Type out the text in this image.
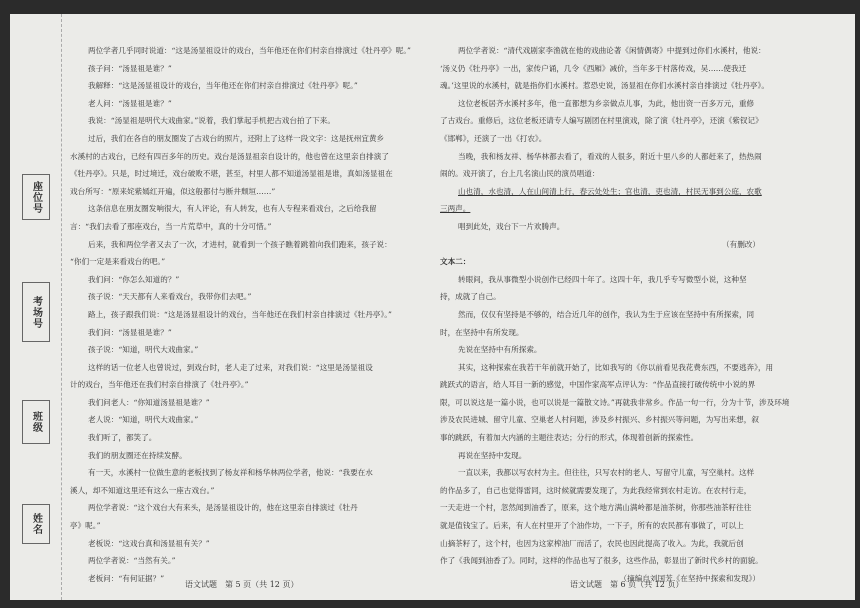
座位号
考场号
班级
姓名

两位学者几乎同时说道：“这是汤显祖设计的戏台，当年他还在你们村亲自排演过《牡丹亭》呢。”

孩子问：“汤显祖是谁？”

我解释：“这是汤显祖设计的戏台，当年他还在你们村亲自排演过《牡丹亭》呢。”

老人问：“汤显祖是谁？”

我说：“汤显祖是明代大戏曲家。”说着，我们掌起手机把古戏台拍了下来。

过后，我们在各自的朋友圈发了古戏台的照片，还附上了这样一段文字：这是抚州宜黄乡

水溪村的古戏台，已经有四百多年的历史。戏台是汤显祖亲自设计的，他也曾在这里亲自排演了

《牡丹亭》。只是，时过境迁，戏台破败不堪，甚至，村里人都不知道汤显祖是谁，真如汤显祖在

戏台所写：“原来姹紫嫣红开遍，似这般都付与断井颓垣……”

这条信息在朋友圈发响很大，有人评论，有人转发，也有人专程来看戏台，之后给我留

言：“我们去看了那座戏台，当一片荒草中，真的十分可惜。”

后来，我和两位学者又去了一次，才进村，就看到一个孩子瞧着跳着向我们跑来，孩子说：

“你们一定是来看戏台的吧。”

我们问：“你怎么知道的？”

孩子说：“天天都有人来看戏台，我带你们去吧。”

路上，孩子跟我们说：“这是汤显祖设计的戏台，当年他还在我们村亲自排演过《牡丹亭》。”

我们问：“汤显祖是谁？”

孩子说：“知道，明代大戏曲家。”

这样的话一位老人也曾说过，到戏台时，老人走了过来，对我们说：“这里是汤显祖设

计的戏台，当年他还在我们村亲自排演了《牡丹亭》。”

我们问老人：“你知道汤显祖是谁？”

老人说：“知道，明代大戏曲家。”

我们听了，都笑了。

我们的朋友圈还在持续发酵。

有一天，水溪村一位做生意的老板找到了杨友祥和杨华林两位学者，他说：“我要在水

溪人，却不知道这里还有这么一座古戏台。”

两位学者说：“这个戏台大有来头，是汤显祖设计的，他在这里亲自排演过《牡丹

亭》呢。”

老板说：“这戏台真和汤显祖有关？”

两位学者说：“当然有关。”

老板问：“有何证据？”

两位学者说：“清代戏剧家李渔就在他的戏曲论著《闲情偶寄》中提到过你们水溪村，他说：

‘汤义仍《牡丹亭》一出，家传户诵，几令《西厢》减价，当年多于村落传戏，吴……使我迁

魂。’这里说的水溪村，就是指你们水溪村。惹恐史说，汤显祖在你们水溪村亲自排演过《牡丹亭》。

这位老板居齐水溪村多年，他一直都想为乡亲做点儿事，为此，他出资一百多万元，重修

了古戏台。重修后，这位老板还请专人编写剧团在村里演戏，除了演《牡丹亭》，还演《紫钗记》

《邯郸》，还演了一出《打农》。

当晚，我和杨友祥、杨华林都去看了，看戏的人很多，附近十里八乡的人都赶来了，热热闹

闹的。戏开演了，台上几名演山民的演员唱道：

山也清，水也清，人在山间清上行，春云处处生；官也清，吏也清，村民无事到公庭，农歌

三两声。

唱到此处，戏台下一片欢腾声。

（有删改）

文本二：

转眼间，我从事微型小说创作已经四十年了。这四十年，我几乎专写微型小说，这种坚

持，成就了自己。

然而，仅仅有坚持是不够的，结合近几年的创作，我认为生于应该在坚持中有所探索，同

时，在坚持中有所发现。

先说在坚持中有所探索。

其实，这种探索在我若干年前就开始了，比如我写的《你以前看见我花费东西，不要逃奔》，用

跳跃式的语言，给人耳目一新的感觉，中国作家高军点评认为：“作品直接打破传统中小说的界

限，可以说这是一篇小说，也可以说是一篇散文诗。”再就我非常乡。作品一句一行，分为十节，涉及环境

涉及农民进城、留守儿童、空巢老人村问题，涉及乡村振兴、乡村振兴等问题，为写出来想，叙

事的跳跃，有着加大内涵的主题往表达；分行的形式，体现着创新的探索性。

再说在坚持中发现。

一直以来，我都以写农村为主。但往往，只写农村的老人、写留守儿童，写空巢村。这样

的作品多了，自己也觉得雷同，这时候就需要发现了，为此我经常到农村走访。在农村行走，

一天走进一个村，忽然闻到油香了，原来，这个地方满山满岭都是油茶树，你那些油茶籽往往

就是值钱宝了。后来，有人在村里开了个油作坊，一下子，所有的农民都有事做了，可以上

山摘茶籽了，这个村，也因为这家榨油厂而活了，农民也因此提高了收入。为此，我就后创

作了《我闻到油香了》。同时，这样的作品也写了很多，这些作品，彰显出了新时代乡村的面貌。

（摘编自刘国芳《在坚持中探索和发现》）

语文试题　第 5 页（共 12 页）	语文试题　第 6 页（共 12 页）
